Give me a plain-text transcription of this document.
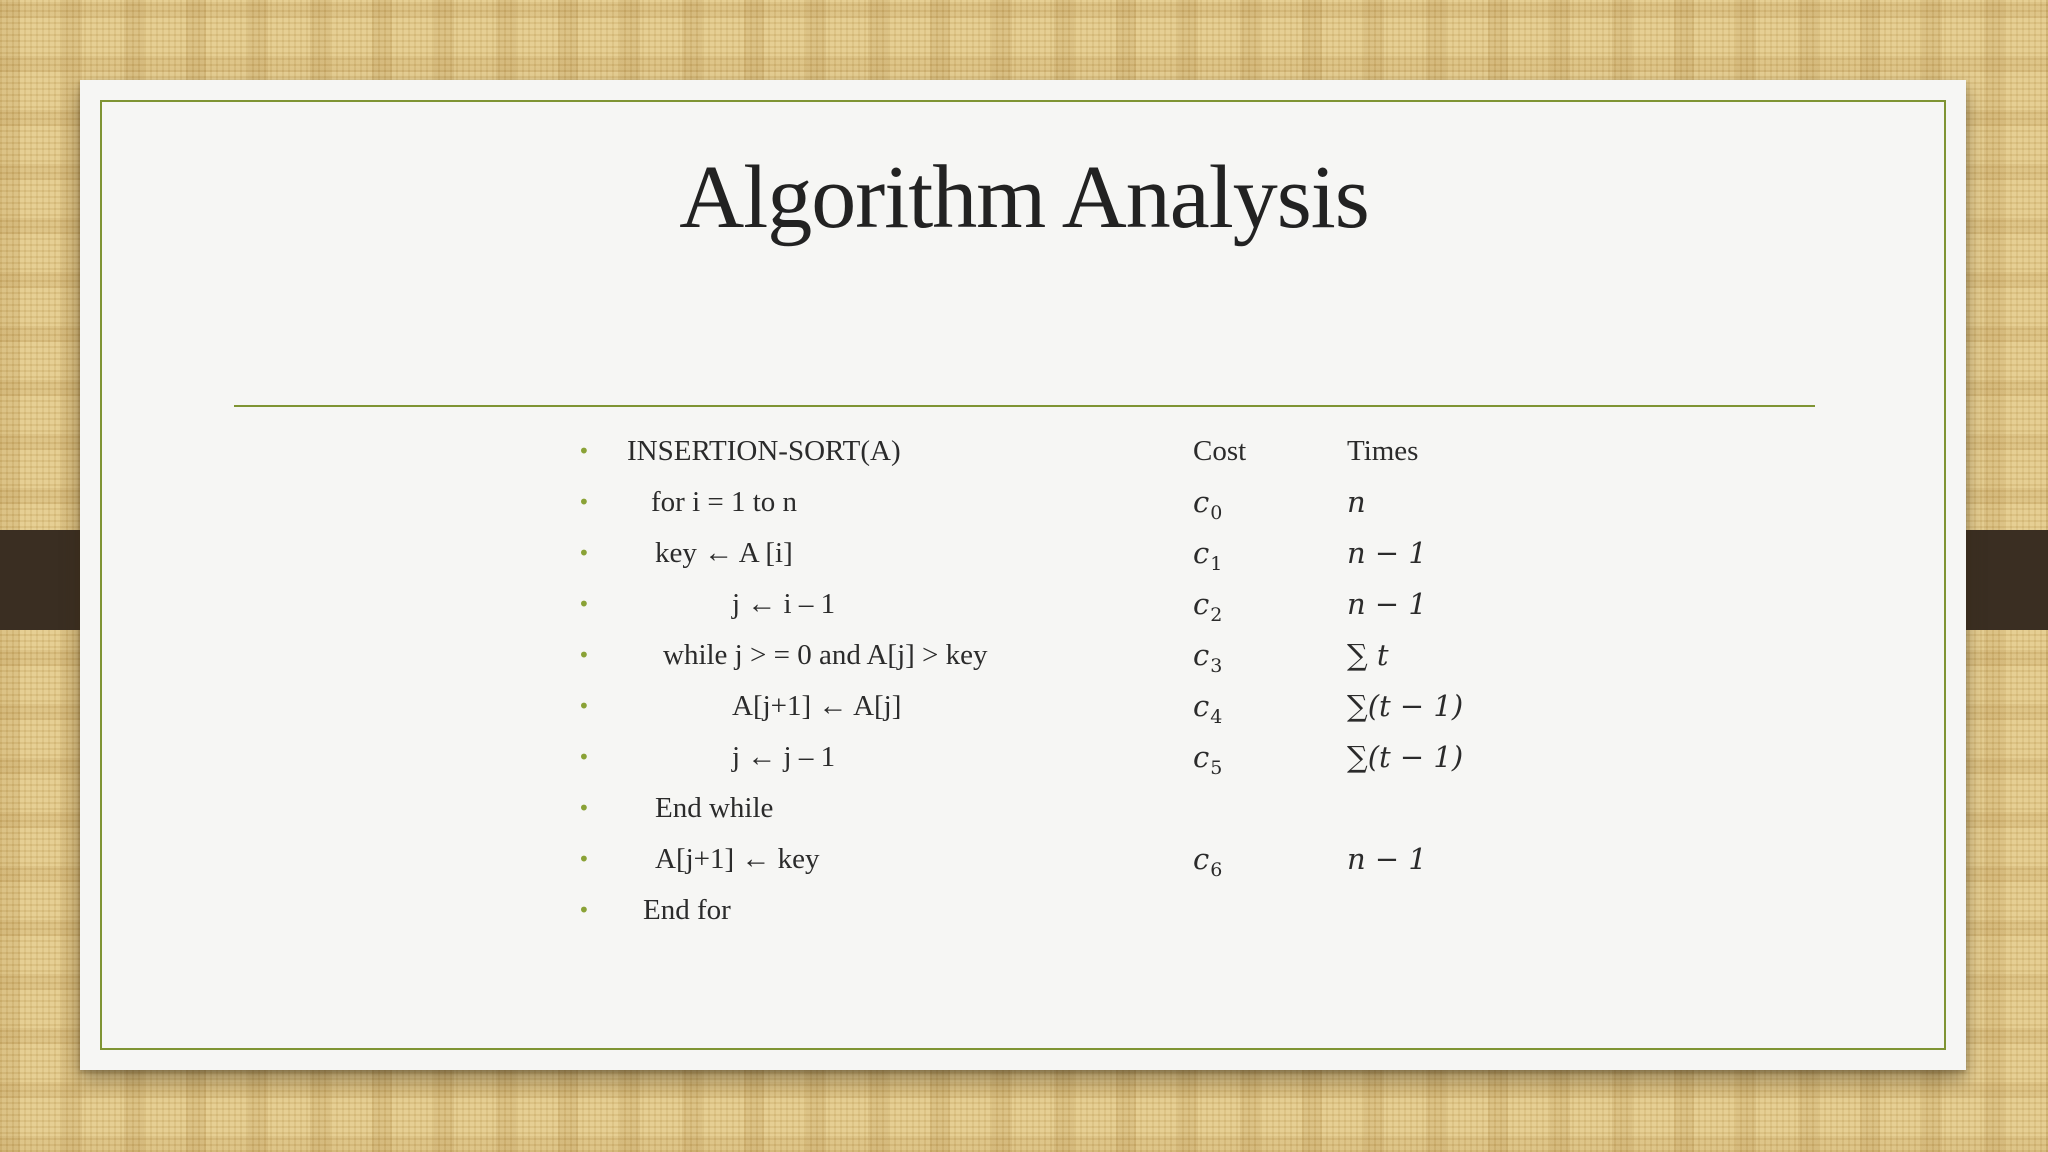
Algorithm Analysis
• INSERTION-SORT(A)	Cost	Times
• for i = 1 to n	$c_0$	n
• key ← A [i]	$c_1$	n − 1
•	j ← i – 1	$c_2$	n − 1
•	while j > = 0 and A[j] > key	$c_3$	∑ t
•	A[j+1] ← A[j]	$c_4$	∑(t − 1)
•	j ← j – 1	$c_5$	∑(t − 1)
• End while
• A[j+1] ← key	$c_6$	n − 1
• End for
